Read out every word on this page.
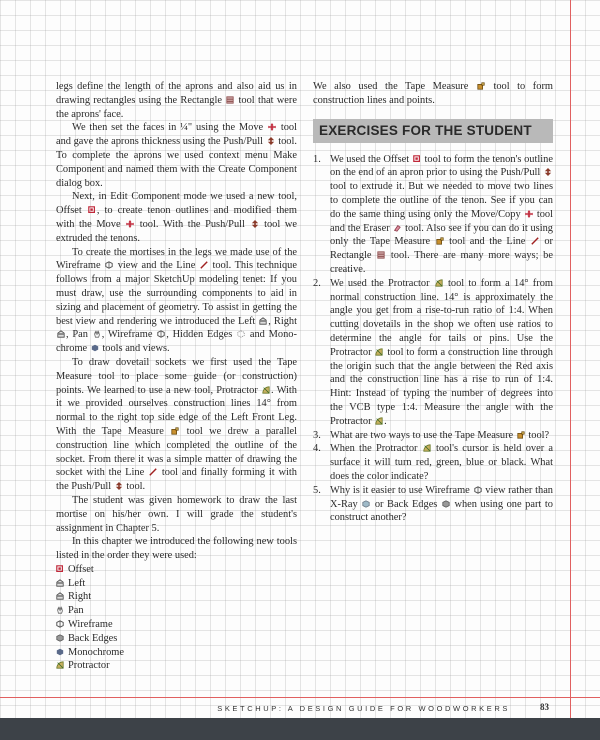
legs define the length of the aprons and also aid us in drawing rectangles using the Rectangle tool that were the aprons' face.

We then set the faces in ¼" using the Move tool and gave the aprons thickness using the Push/Pull tool. To complete the aprons we used context menu Make Component and named them with the Create Component dialog box.

Next, in Edit Component mode we used a new tool, Offset , to create tenon outlines and modified them with the Move tool. With the Push/Pull tool we extruded the tenons.

To create the mortises in the legs we made use of the Wireframe view and the Line tool. This technique follows from a major SketchUp modeling tenet: If you must draw, use the surrounding components to aid in sizing and placement of geometry. To assist in getting the best view and rendering we introduced the Left , Right , Pan , Wireframe , Hidden Edges and Mono-chrome tools and views.

To draw dovetail sockets we first used the Tape Measure tool to place some guide (or construction) points. We learned to use a new tool, Protractor . With it we provided ourselves construction lines 14° from normal to the right top side edge of the Left Front Leg. With the Tape Measure tool we drew a parallel construction line which completed the outline of the socket. From there it was a simple matter of drawing the socket with the Line tool and finally forming it with the Push/Pull tool.

The student was given homework to draw the last mortise on his/her own. I will grade the student's assignment in Chapter 5.

In this chapter we introduced the following new tools listed in the order they were used:

Offset
Left
Right
Pan
Wireframe
Back Edges
Monochrome
Protractor

We also used the Tape Measure tool to form construction lines and points.

EXERCISES FOR THE STUDENT
1. We used the Offset tool to form the tenon's outline on the end of an apron prior to using the Push/Pull  tool to extrude it. But we needed to move two lines to complete the outline of the tenon. See if you can do the same thing using only the Move/Copy tool and the Eraser tool. Also see if you can do it using only the Tape Measure tool and the Line or Rectangle tool. There are many more ways; be creative.
2. We used the Protractor tool to form a 14° from normal construction line. 14° is approximately the angle you get from a rise-to-run ratio of 1:4. When cutting dovetails in the shop we often use ratios to determine the angle for tails or pins. Use the Protractor tool to form a construction line through the origin such that the angle between the Red axis and the construction line has a rise to run of 1:4. Hint: Instead of typing the number of degrees into the VCB type 1:4. Measure the angle with the Protractor .
3. What are two ways to use the Tape Measure tool?
4. When the Protractor tool's cursor is held over a surface it will turn red, green, blue or black. What does the color indicate?
5. Why is it easier to use Wireframe view rather than X-Ray or Back Edges when using one part to construct another?
SKETCHUP: A DESIGN GUIDE FOR WOODWORKERS	83
